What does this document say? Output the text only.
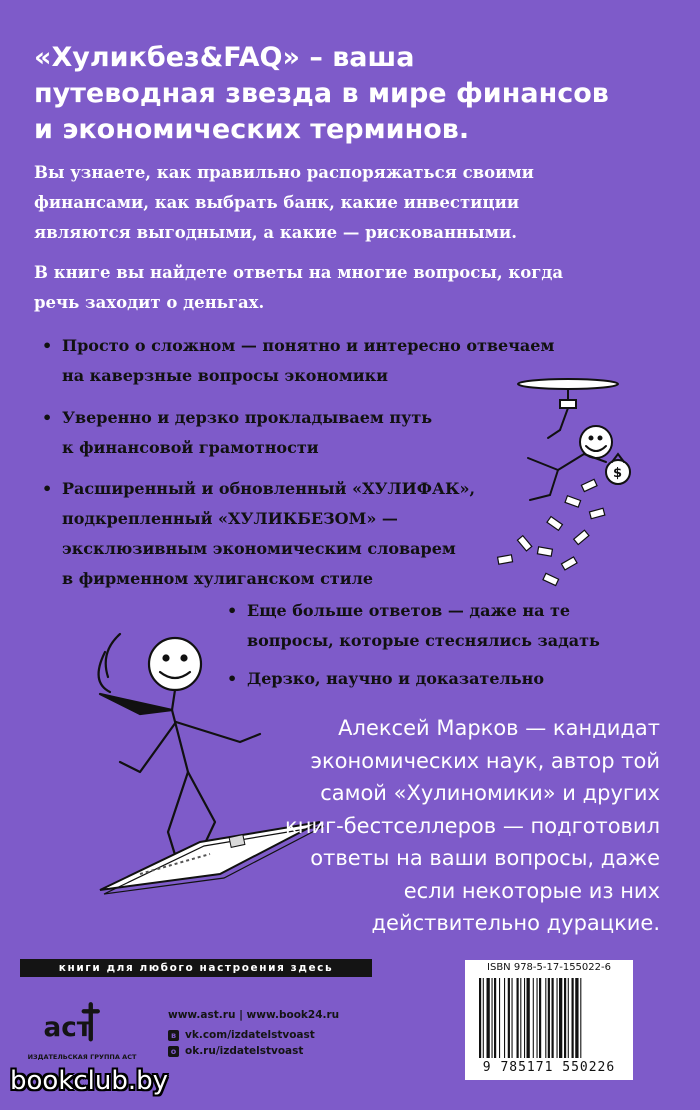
«Хуликбез&FAQ» – ваша
путеводная звезда в мире финансов
и экономических терминов.
Вы узнаете, как правильно распоряжаться своими
финансами, как выбрать банк, какие инвестиции
являются выгодными, а какие — рискованными.
В книге вы найдете ответы на многие вопросы, когда
речь заходит о деньгах.
• Просто о сложном — понятно и интересно отвечаем

на каверзные вопросы экономики

• Уверенно и дерзко прокладываем путь

к финансовой грамотности

• Расширенный и обновленный «ХУЛИФАК»,

подкрепленный «ХУЛИКБЕЗОМ» —

эксклюзивным экономическим словарем

в фирменном хулиганском стиле

• Еще больше ответов — даже на те

вопросы, которые стеснялись задать

• Дерзко, научно и доказательно

$
Алексей Марков — кандидат
экономических наук, автор той
самой «Хулиномики» и других
книг-бестселлеров — подготовил
ответы на ваши вопросы, даже
если некоторые из них
действительно дурацкие.
книги для любого настроения здесь
аст
ИЗДАТЕЛЬСКАЯ ГРУППА АСТ
www.ast.ru | www.book24.ru
в vk.com/izdatelstvoast
о ok.ru/izdatelstvoast
ISBN 978-5-17-155022-6
9 785171 550226
bookclub.by
